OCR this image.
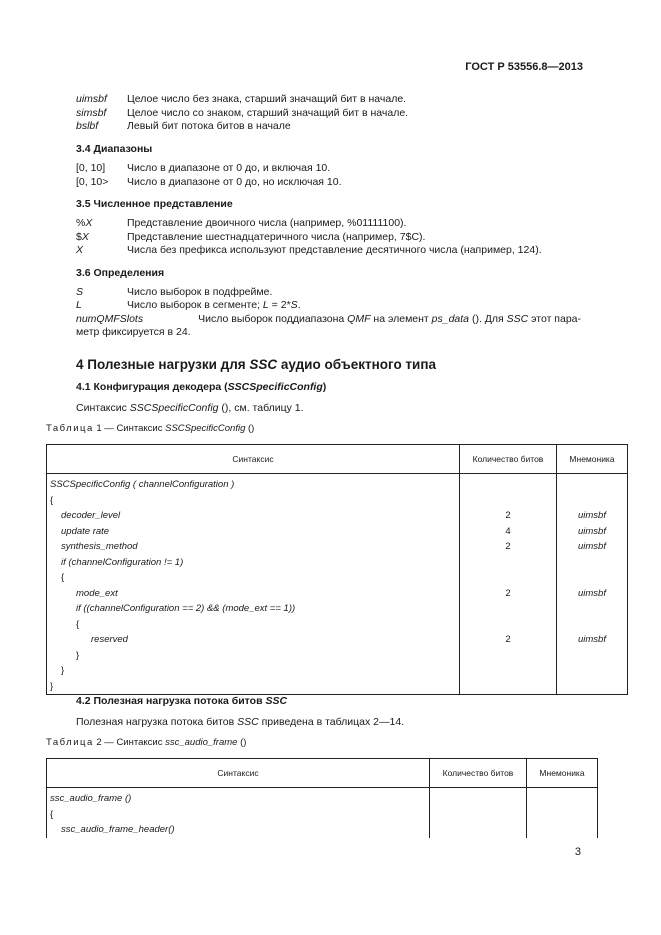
ГОСТ Р 53556.8—2013
uimsbf Целое число без знака, старший значащий бит в начале.
simsbf Целое число со знаком, старший значащий бит в начале.
bslbf	Левый бит потока битов в начале
3.4 Диапазоны
[0, 10] Число в диапазоне от 0 до, и включая 10.
[0, 10> Число в диапазоне от 0 до, но исключая 10.
3.5 Численное представление
%X	Представление двоичного числа (например, %01111100).
$X	Представление шестнадцатеричного числа (например, 7$C).
X	Числа без префикса используют представление десятичного числа (например, 124).
3.6 Определения
S	Число выборок в подфрейме.
L	Число выборок в сегменте; L = 2*S.
numQMFSlots	Число выборок поддиапазона QMF на элемент ps_data (). Для SSC этот пара-
метр фиксируется в 24.
4 Полезные нагрузки для SSC аудио объектного типа
4.1 Конфигурация декодера (SSCSpecificConfig)
Синтаксис SSCSpecificConfig (), см. таблицу 1.
Таблица 1 — Синтаксис SSCSpecificConfig ()
Синтаксис	Количество битов	Мнемоника
SSCSpecificConfig ( channelConfiguration )		
{		
decoder_level	2	uimsbf
update rate	4	uimsbf
synthesis_method	2	uimsbf
if (channelConfiguration != 1)		
{		
mode_ext	2	uimsbf
if ((channelConfiguration == 2) && (mode_ext == 1))		
{		
reserved	2	uimsbf
}		
}		
}		
4.2 Полезная нагрузка потока битов SSC
Полезная нагрузка потока битов SSC приведена в таблицах 2—14.
Таблица 2 — Синтаксис ssc_audio_frame ()
Синтаксис	Количество битов	Мнемоника
ssc_audio_frame ()		
{		
ssc_audio_frame_header()		
3
